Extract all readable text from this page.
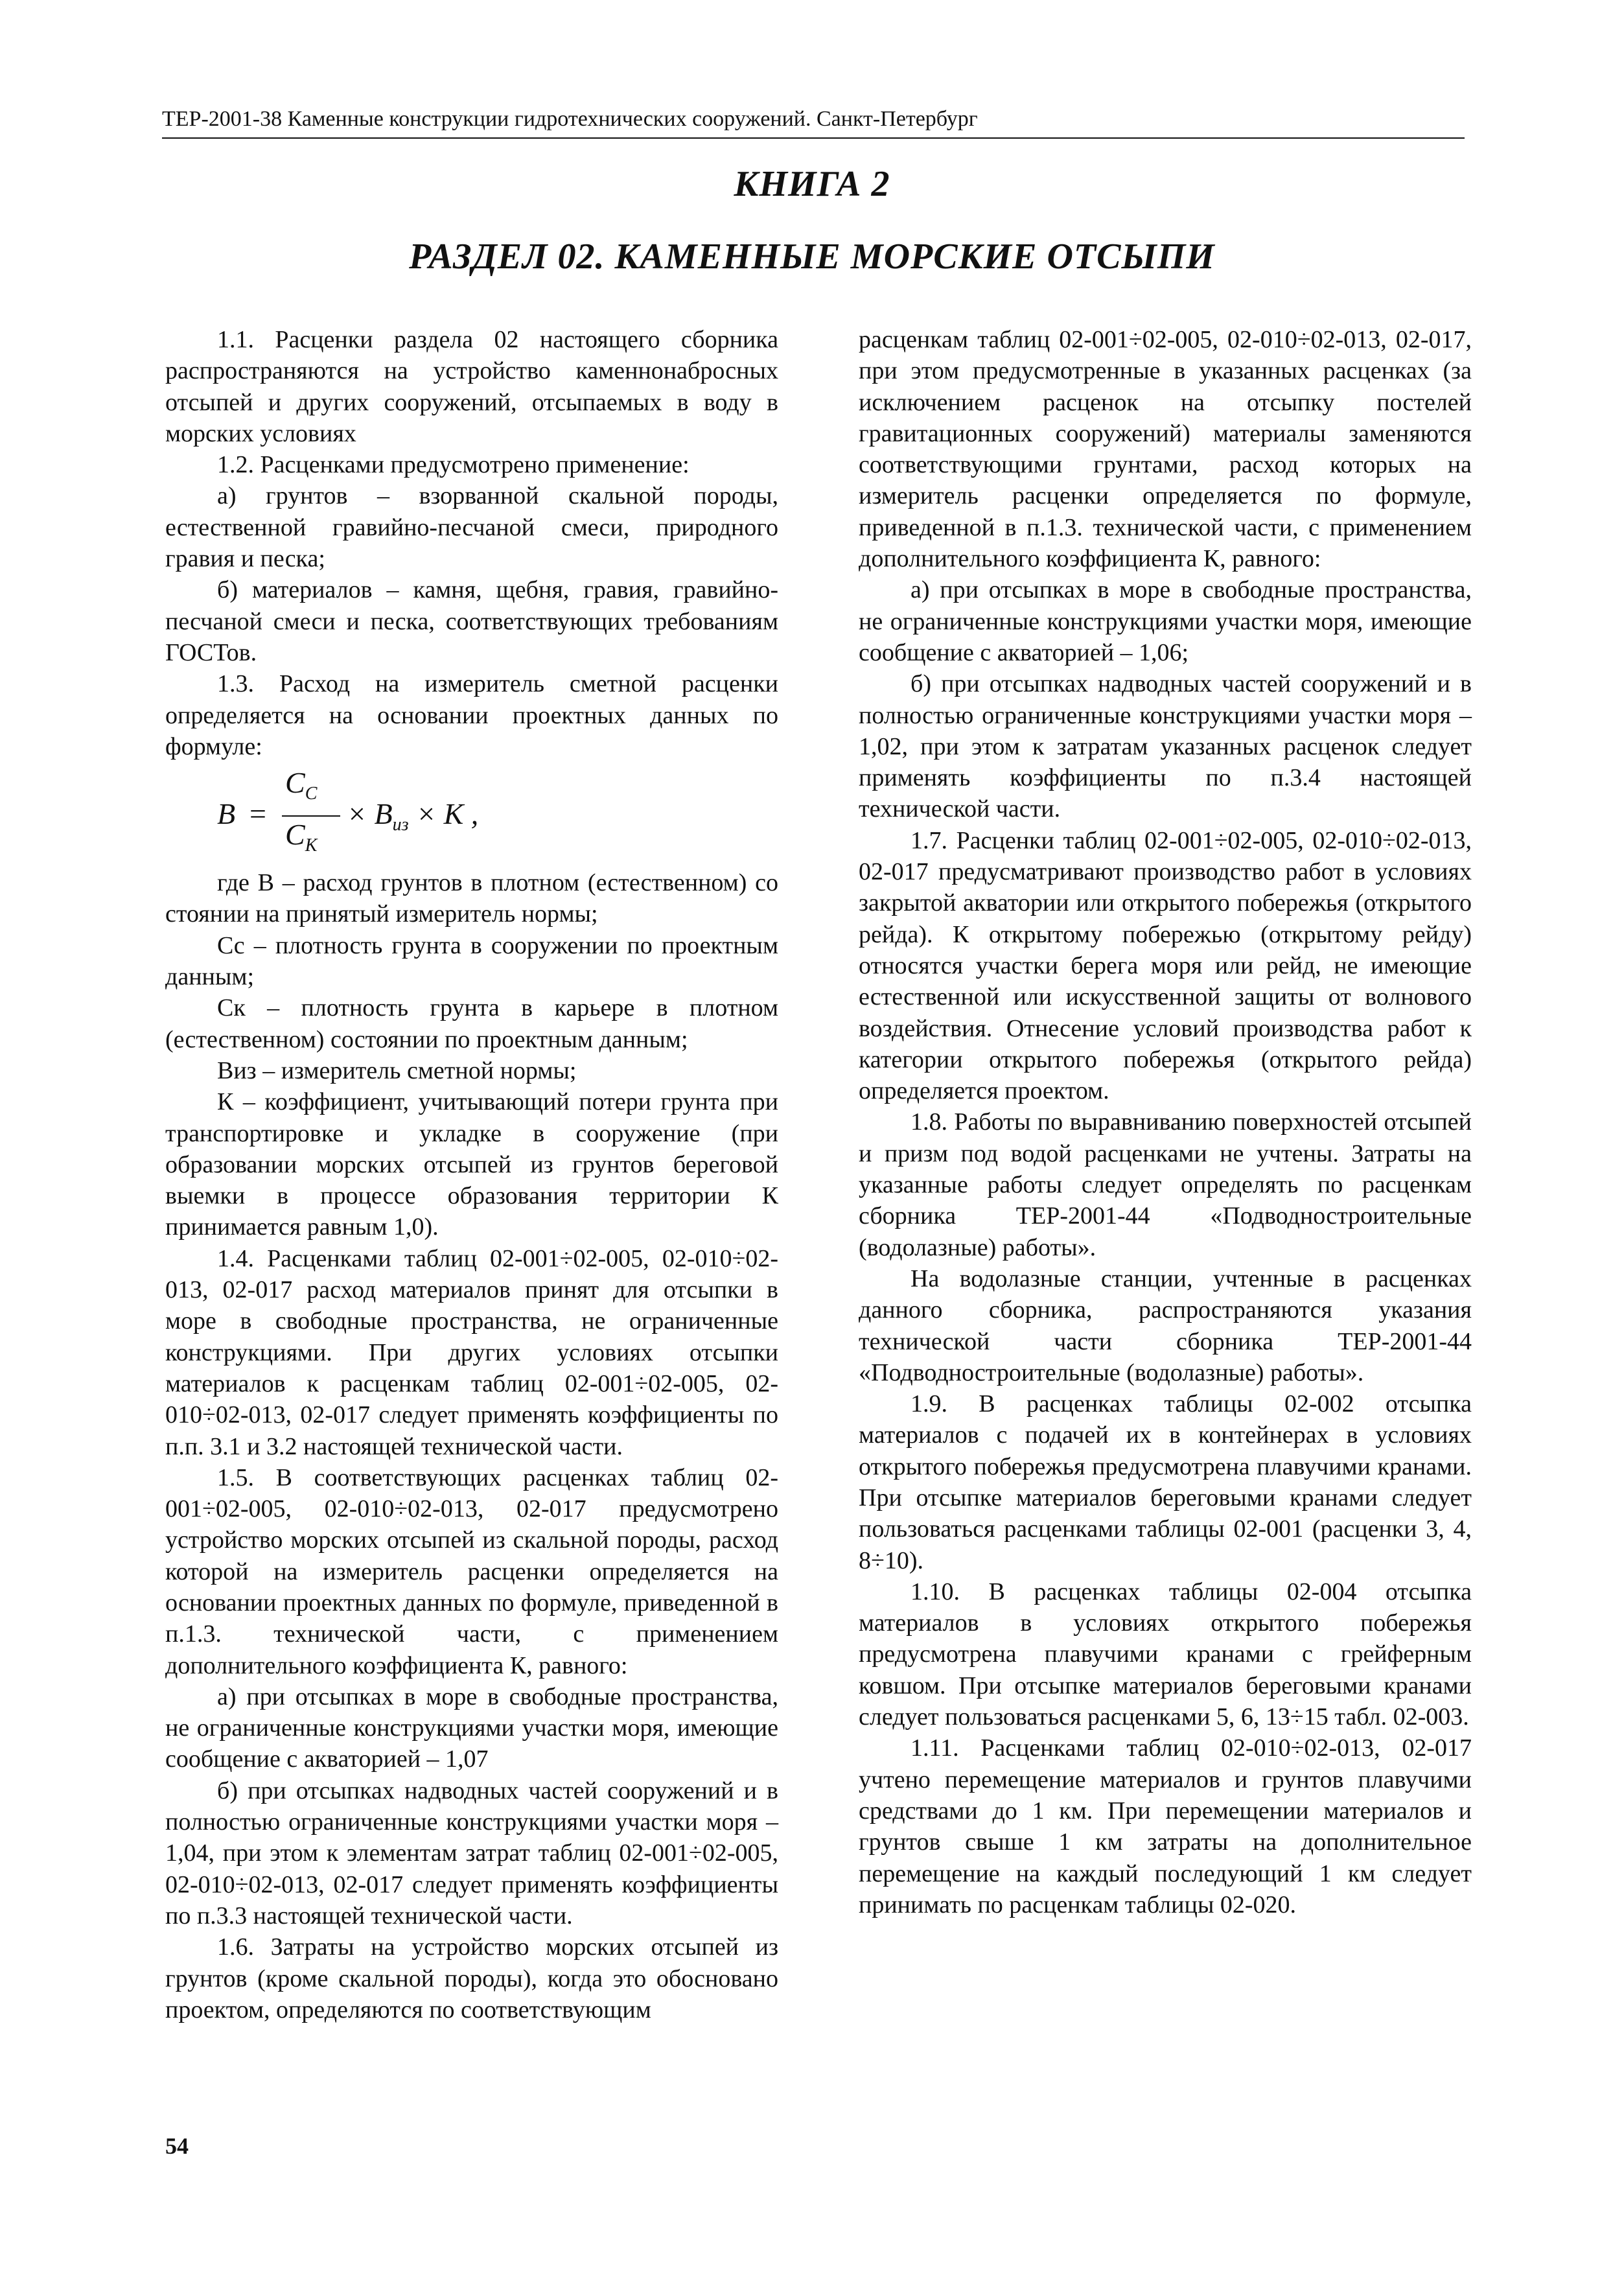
ТЕР-2001-38 Каменные конструкции гидротехнических сооружений. Санкт-Петербург
КНИГА 2
РАЗДЕЛ 02. КАМЕННЫЕ МОРСКИЕ ОТСЫПИ

1.1. Расценки раздела 02 настоящего сборника распространяются на устройство каменнонабросных отсыпей и других сооружений, отсыпаемых в воду в морских условиях

1.2. Расценками предусмотрено применение:

а) грунтов – взорванной скальной породы, естественной гравийно-песчаной смеси, природного гравия и песка;

б) материалов – камня, щебня, гравия, гравийно-песчаной смеси и песка, соответствующих требованиям ГОСТов.

1.3. Расход на измеритель сметной расценки определяется на основании проектных данных по формуле:

B =
$C_C$
$C_K$
× $B_{из} \times K$ ,

где В – расход грунтов в плотном (естественном) со стоянии на принятый измеритель нормы;

Сс – плотность грунта в сооружении по проектным данным;

Ск – плотность грунта в карьере в плотном (естественном) состоянии по проектным данным;

Виз – измеритель сметной нормы;

К – коэффициент, учитывающий потери грунта при транспортировке и укладке в сооружение (при образовании морских отсыпей из грунтов береговой выемки в процессе образования территории К принимается равным 1,0).

1.4. Расценками таблиц 02-001÷02-005, 02-010÷02-013, 02-017 расход материалов принят для отсыпки в море в свободные пространства, не ограниченные конструкциями. При других условиях отсыпки материалов к расценкам таблиц 02-001÷02-005, 02-010÷02-013, 02-017 следует применять коэффициенты по п.п. 3.1 и 3.2 настоящей технической части.

1.5. В соответствующих расценках таблиц 02-001÷02-005, 02-010÷02-013, 02-017 предусмотрено устройство морских отсыпей из скальной породы, расход которой на измеритель расценки определяется на основании проектных данных по формуле, приведенной в п.1.3. технической части, с применением дополнительного коэффициента К, равного:

а) при отсыпках в море в свободные пространства, не ограниченные конструкциями участки моря, имеющие сообщение с акваторией – 1,07

б) при отсыпках надводных частей сооружений и в полностью ограниченные конструкциями участки моря – 1,04, при этом к элементам затрат таблиц 02-001÷02-005, 02-010÷02-013, 02-017 следует применять коэффициенты по п.3.3 настоящей технической части.

1.6. Затраты на устройство морских отсыпей из грунтов (кроме скальной породы), когда это обосновано проектом, определяются по соответствующим

расценкам таблиц 02-001÷02-005, 02-010÷02-013, 02-017, при этом предусмотренные в указанных расценках (за исключением расценок на отсыпку постелей гравитационных сооружений) материалы заменяются соответствующими грунтами, расход которых на измеритель расценки определяется по формуле, приведенной в п.1.3. технической части, с применением дополнительного коэффициента К, равного:

а) при отсыпках в море в свободные пространства, не ограниченные конструкциями участки моря, имеющие сообщение с акваторией – 1,06;

б) при отсыпках надводных частей сооружений и в полностью ограниченные конструкциями участки моря – 1,02, при этом к затратам указанных расценок следует применять коэффициенты по п.3.4 настоящей технической части.

1.7. Расценки таблиц 02-001÷02-005, 02-010÷02-013, 02-017 предусматривают производство работ в условиях закрытой акватории или открытого побережья (открытого рейда). К открытому побережью (открытому рейду) относятся участки берега моря или рейд, не имеющие естественной или искусственной защиты от волнового воздействия. Отнесение условий производства работ к категории открытого побережья (открытого рейда) определяется проектом.

1.8. Работы по выравниванию поверхностей отсыпей и призм под водой расценками не учтены. Затраты на указанные работы следует определять по расценкам сборника ТЕР-2001-44 «Подводностроительные (водолазные) работы».

На водолазные станции, учтенные в расценках данного сборника, распространяются указания технической части сборника ТЕР-2001-44 «Подводностроительные (водолазные) работы».

1.9. В расценках таблицы 02-002 отсыпка материалов с подачей их в контейнерах в условиях открытого побережья предусмотрена плавучими кранами. При отсыпке материалов береговыми кранами следует пользоваться расценками таблицы 02-001 (расценки 3, 4, 8÷10).

1.10. В расценках таблицы 02-004 отсыпка материалов в условиях открытого побережья предусмотрена плавучими кранами с грейферным ковшом. При отсыпке материалов береговыми кранами следует пользоваться расценками 5, 6, 13÷15 табл. 02-003.

1.11. Расценками таблиц 02-010÷02-013, 02-017 учтено перемещение материалов и грунтов плавучими средствами до 1 км. При перемещении материалов и грунтов свыше 1 км затраты на дополнительное перемещение на каждый последующий 1 км следует принимать по расценкам таблицы 02-020.

54
